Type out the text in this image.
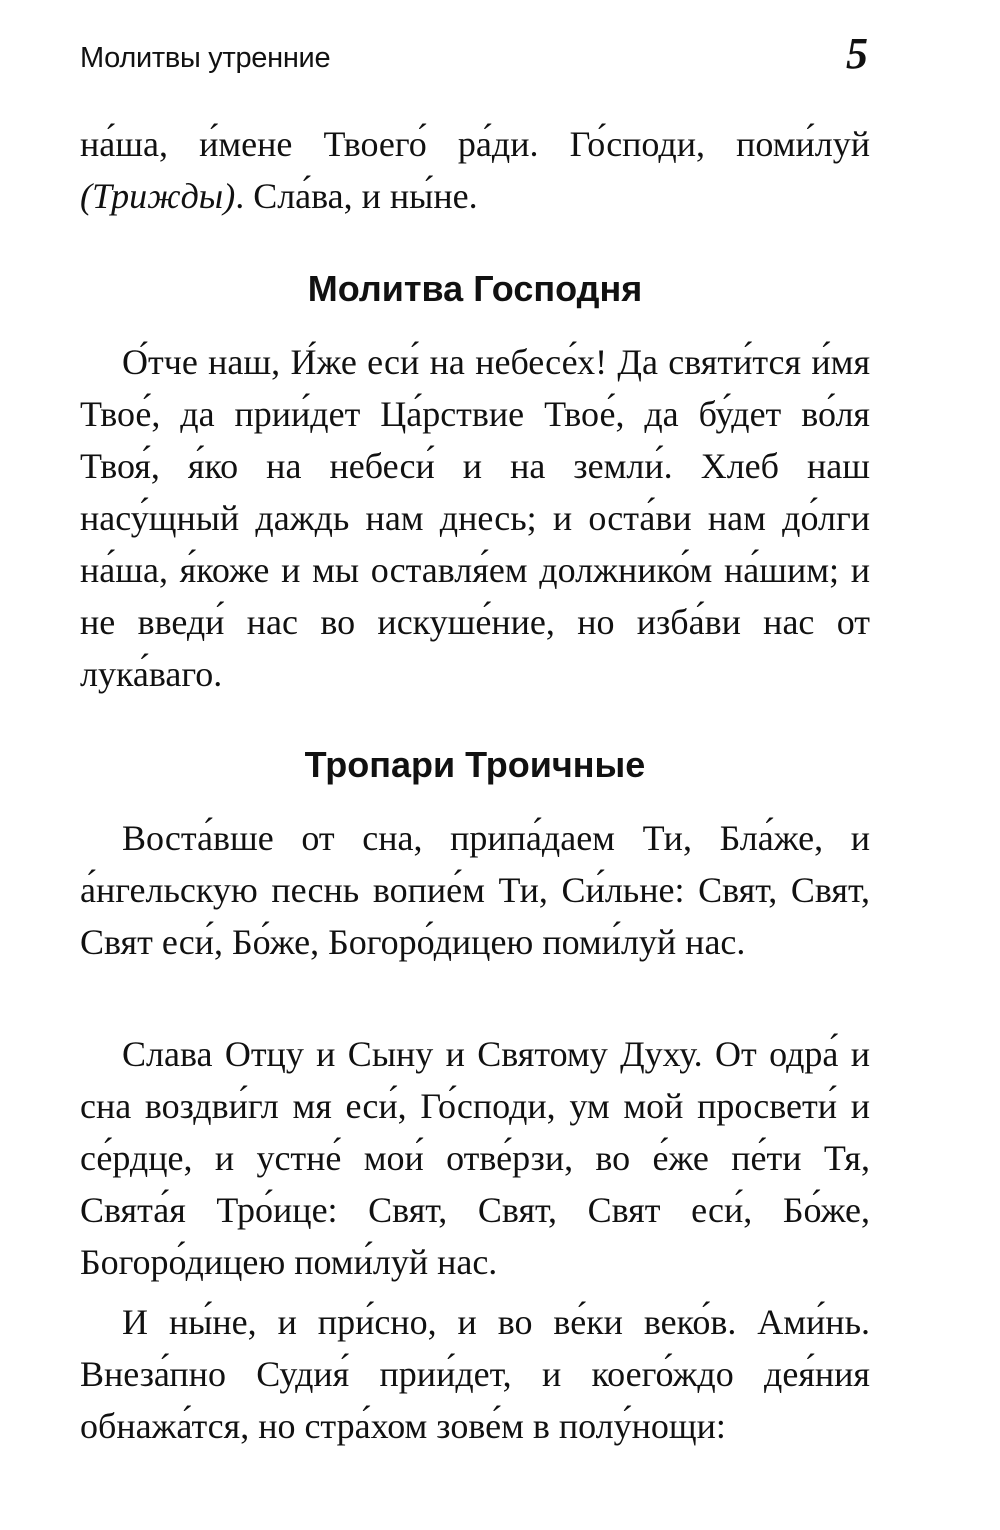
Молитвы утренние	5

на́ша, и́мене Твоего́ ра́ди. Го́споди, поми́луй (Трижды). Сла́ва, и ны́не.

Молитва Господня

О́тче наш, И́же еси́ на небесе́х! Да святи́тся и́мя Твое́, да прии́дет Ца́рствие Твое́, да бу́дет во́ля Твоя́, я́ко на небеси́ и на земли́. Хлеб наш насу́щный даждь нам днесь; и оста́ви нам до́лги на́ша, я́коже и мы оставля́ем должнико́м на́шим; и не введи́ нас во искуше́ние, но изба́ви нас от лука́ваго.

Тропари Троичные

Воста́вше от сна, припа́даем Ти, Бла́же, и а́нгельскую песнь вопие́м Ти, Си́льне: Свят, Свят, Свят еси́, Бо́же, Богоро́дицею поми́луй нас.

Слава Отцу и Сыну и Святому Духу. От одра́ и сна воздви́гл мя еси́, Го́споди, ум мой просвети́ и се́рдце, и устне́ мои́ отве́рзи, во е́же пе́ти Тя, Свята́я Тро́ице: Свят, Свят, Свят еси́, Бо́же, Богоро́дицею поми́луй нас.

И ны́не, и при́сно, и во ве́ки веко́в. Ами́нь. Внеза́пно Судия́ прии́дет, и коего́ждо дея́ния обнажа́тся, но стра́хом зове́м в полу́нощи:
